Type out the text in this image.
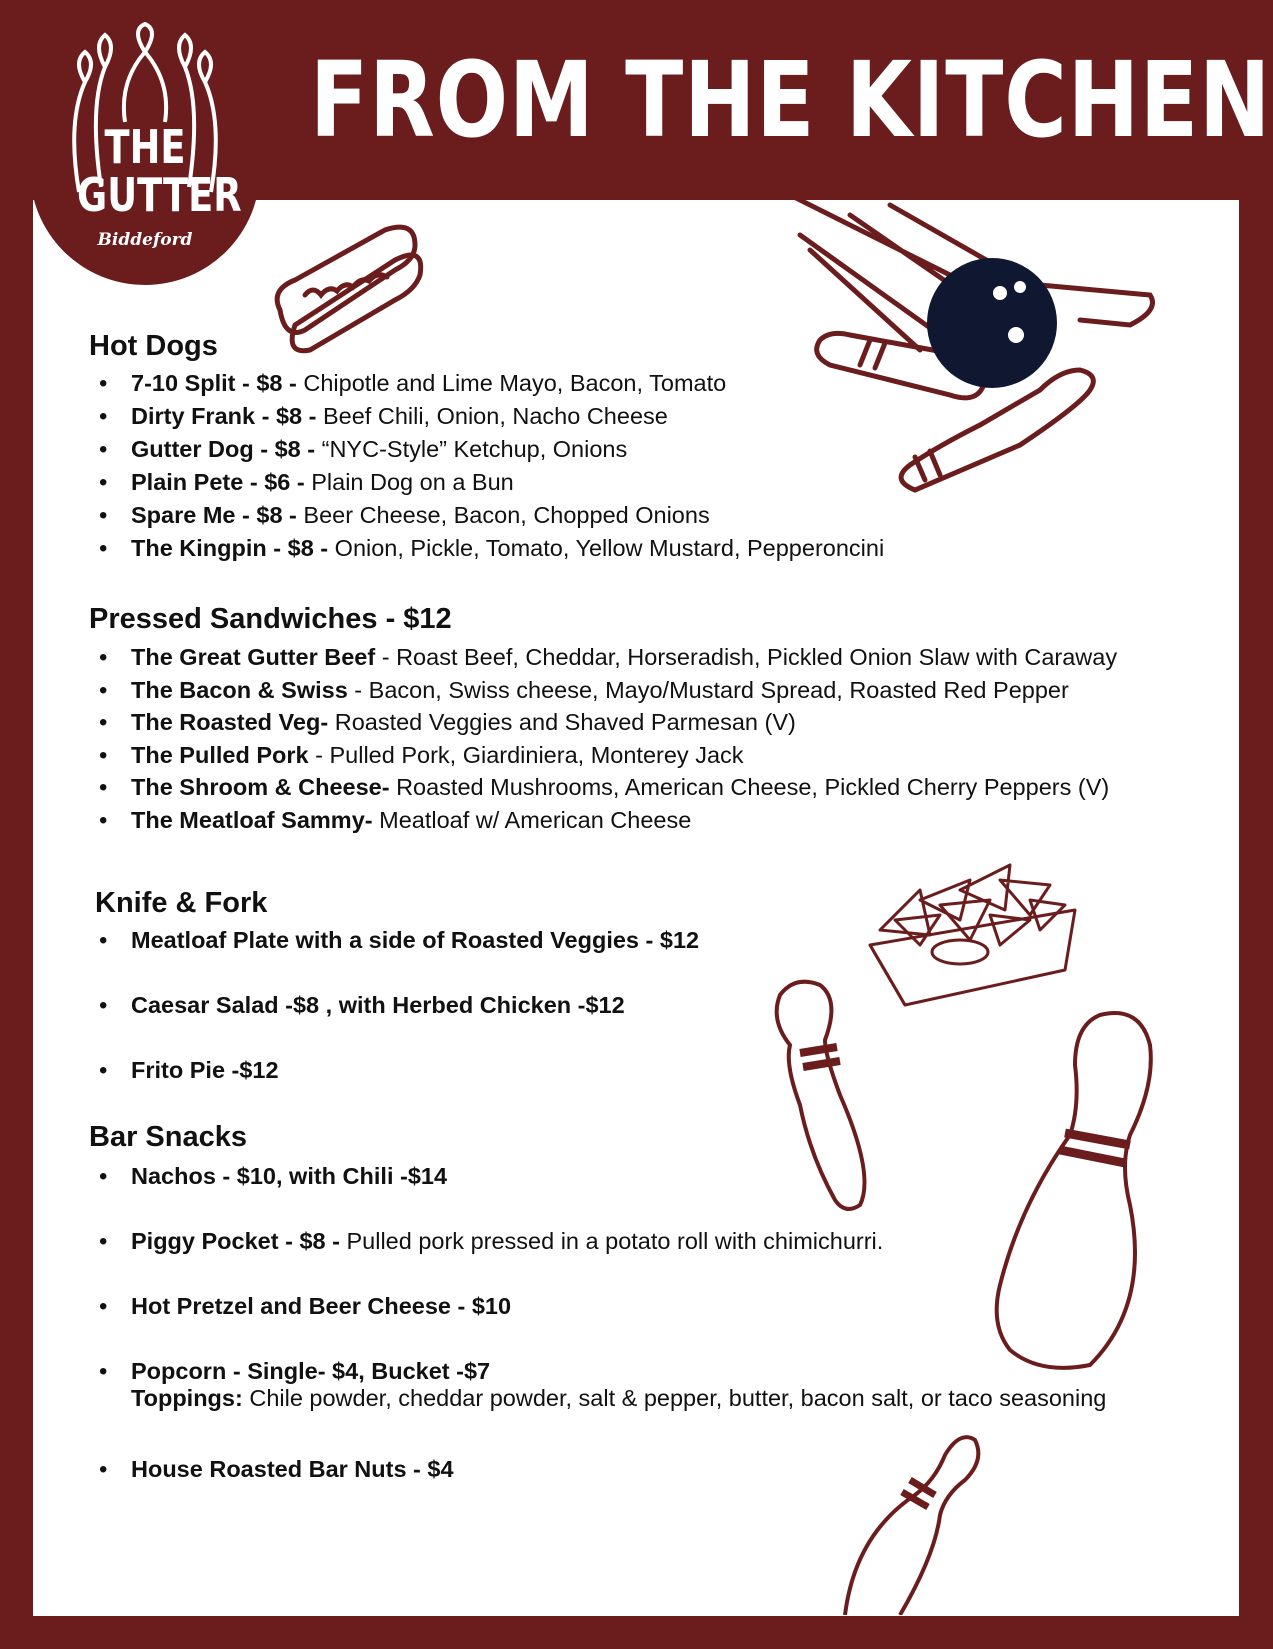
FROM THE KITCHEN
THE
GUTTER
Biddeford
Hot Dogs
• 7-10 Split - $8 - Chipotle and Lime Mayo, Bacon, Tomato
• Dirty Frank - $8 - Beef Chili, Onion, Nacho Cheese
• Gutter Dog - $8 - “NYC-Style” Ketchup, Onions
• Plain Pete - $6 - Plain Dog on a Bun
• Spare Me - $8 - Beer Cheese, Bacon, Chopped Onions
• The Kingpin - $8 - Onion, Pickle, Tomato, Yellow Mustard, Pepperoncini
Pressed Sandwiches - $12
• The Great Gutter Beef - Roast Beef, Cheddar, Horseradish, Pickled Onion Slaw with Caraway
• The Bacon & Swiss - Bacon, Swiss cheese, Mayo/Mustard Spread, Roasted Red Pepper
• The Roasted Veg- Roasted Veggies and Shaved Parmesan (V)
• The Pulled Pork - Pulled Pork, Giardiniera, Monterey Jack
• The Shroom & Cheese- Roasted Mushrooms, American Cheese, Pickled Cherry Peppers (V)
• The Meatloaf Sammy- Meatloaf w/ American Cheese
Knife & Fork
• Meatloaf Plate with a side of Roasted Veggies - $12
• Caesar Salad -$8 , with Herbed Chicken -$12
• Frito Pie -$12
Bar Snacks
• Nachos - $10, with Chili -$14
• Piggy Pocket - $8 - Pulled pork pressed in a potato roll with chimichurri.
• Hot Pretzel and Beer Cheese - $10
• Popcorn - Single- $4, Bucket -$7
Toppings: Chile powder, cheddar powder, salt & pepper, butter, bacon salt, or taco seasoning
• House Roasted Bar Nuts - $4
